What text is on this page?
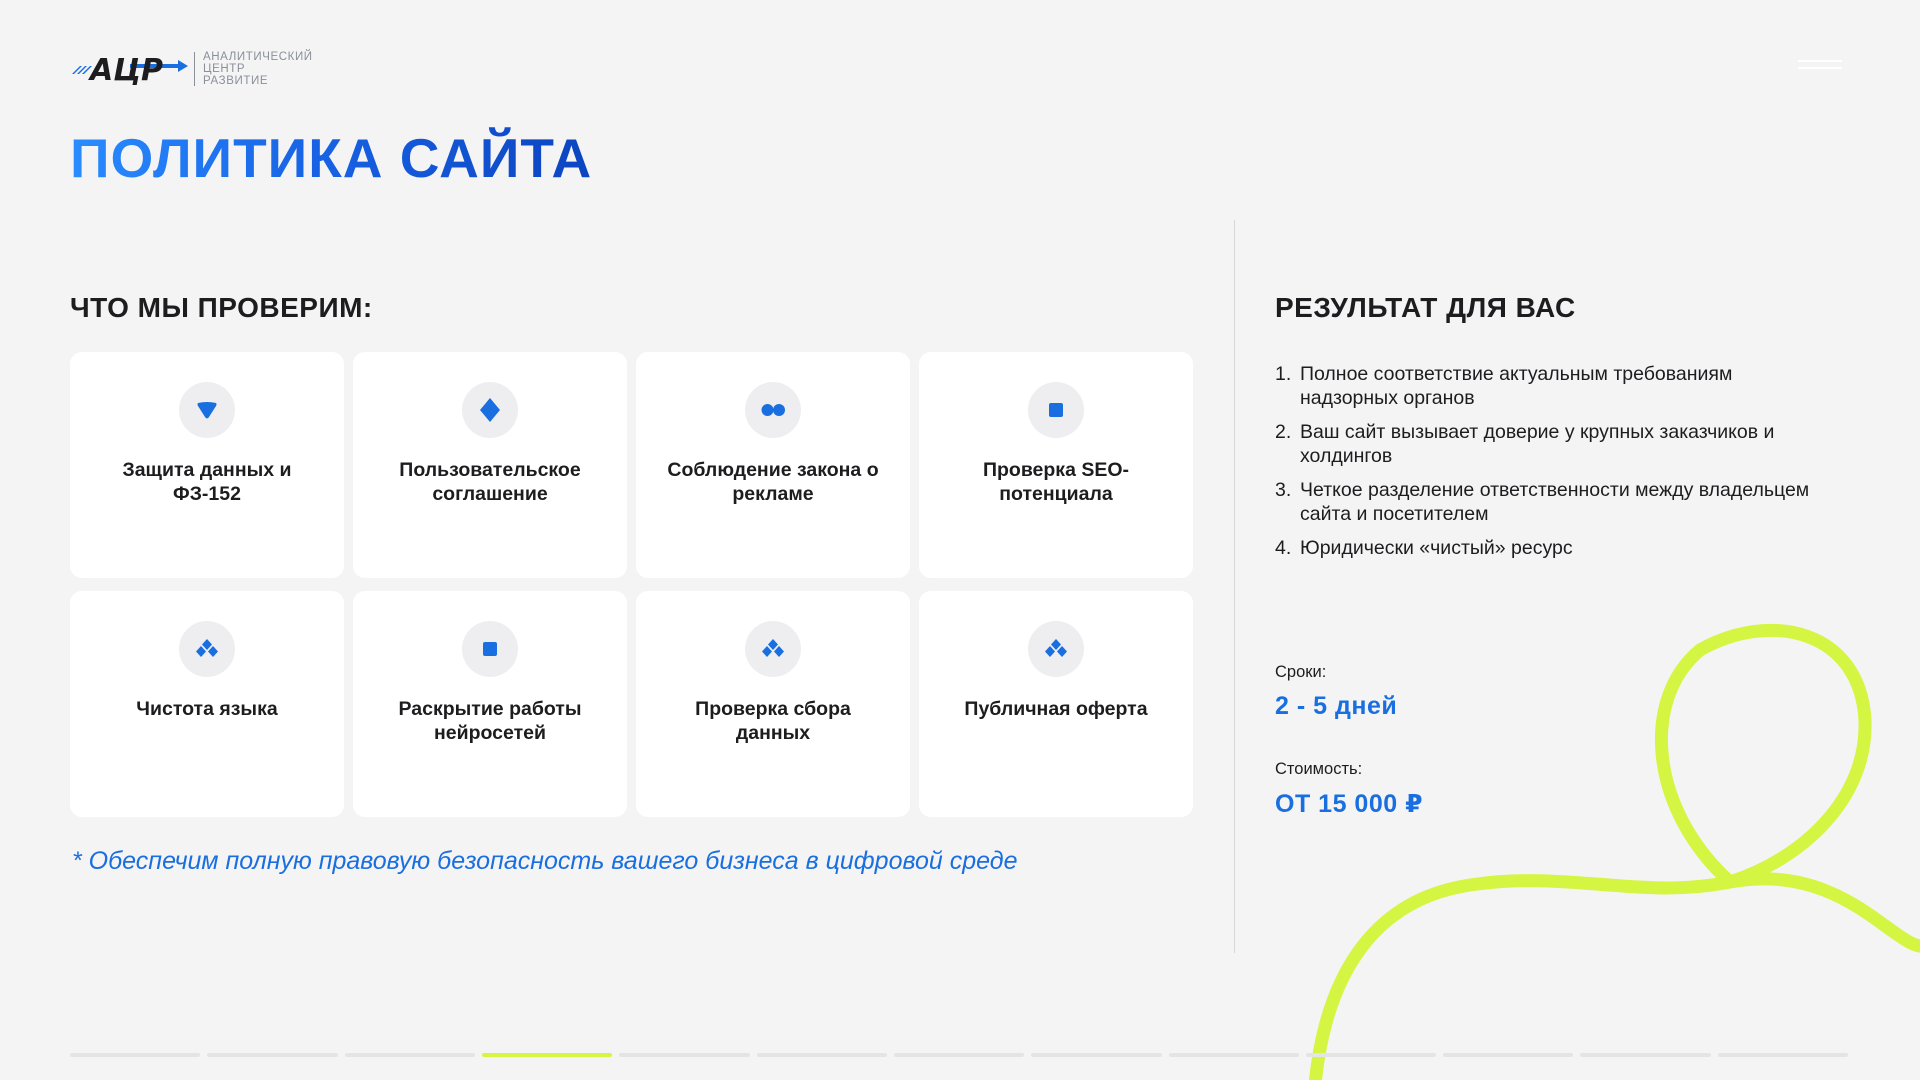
АЦР	АНАЛИТИЧЕСКИЙ
ЦЕНТР
РАЗВИТИЕ
ПОЛИТИКА САЙТА
ЧТО МЫ ПРОВЕРИМ:
Защита данных и ФЗ-152
Пользовательское соглашение
Соблюдение закона о рекламе
Проверка SEO-потенциала
Чистота языка	Раскрытие работы нейросетей
Проверка сбора данных
Публичная оферта
* Обеспечим полную правовую безопасность вашего бизнеса в цифровой среде
РЕЗУЛЬТАТ ДЛЯ ВАС
1. Полное соответствие актуальным требованиям надзорных органов
2. Ваш сайт вызывает доверие у крупных заказчиков и холдингов
3. Четкое разделение ответственности между владельцем сайта и посетителем
4. Юридически «чистый» ресурс
Сроки:
2 - 5 дней
Стоимость:
ОТ 15 000 ₽
